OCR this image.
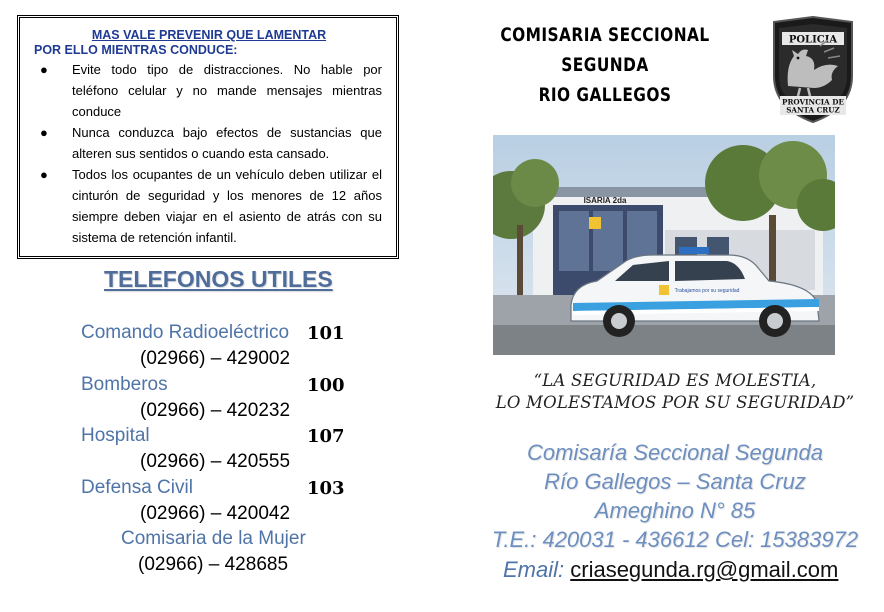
MAS VALE PREVENIR QUE LAMENTAR
POR ELLO MIENTRAS CONDUCE:
● Evite todo tipo de distracciones. No hable por teléfono celular y no mande mensajes mientras conduce
● Nunca conduzca bajo efectos de sustancias que alteren sus sentidos o cuando esta cansado.
● Todos los ocupantes de un vehículo deben utilizar el cinturón de seguridad y los menores de 12 años siempre deben viajar en el asiento de atrás con su sistema de retención infantil.
TELEFONOS UTILES
Comando Radioeléctrico 101
(02966) – 429002
Bomberos	100
(02966) – 420232
Hospital	107
(02966) – 420555
Defensa Civil	103
(02966) – 420042
Comisaria de la Mujer
(02966) – 428685
COMISARIA SECCIONAL
SEGUNDA
RIO GALLEGOS
POLICIA
PROVINCIA DE
SANTA CRUZ
ISARIA 2da
Trabajamos por su seguridad
“LA SEGURIDAD ES MOLESTIA,
LO MOLESTAMOS POR SU SEGURIDAD”
Comisaría Seccional Segunda
Río Gallegos – Santa Cruz
Ameghino N° 85
T.E.: 420031 - 436612 Cel: 15383972
Email: criasegunda.rg@gmail.com
